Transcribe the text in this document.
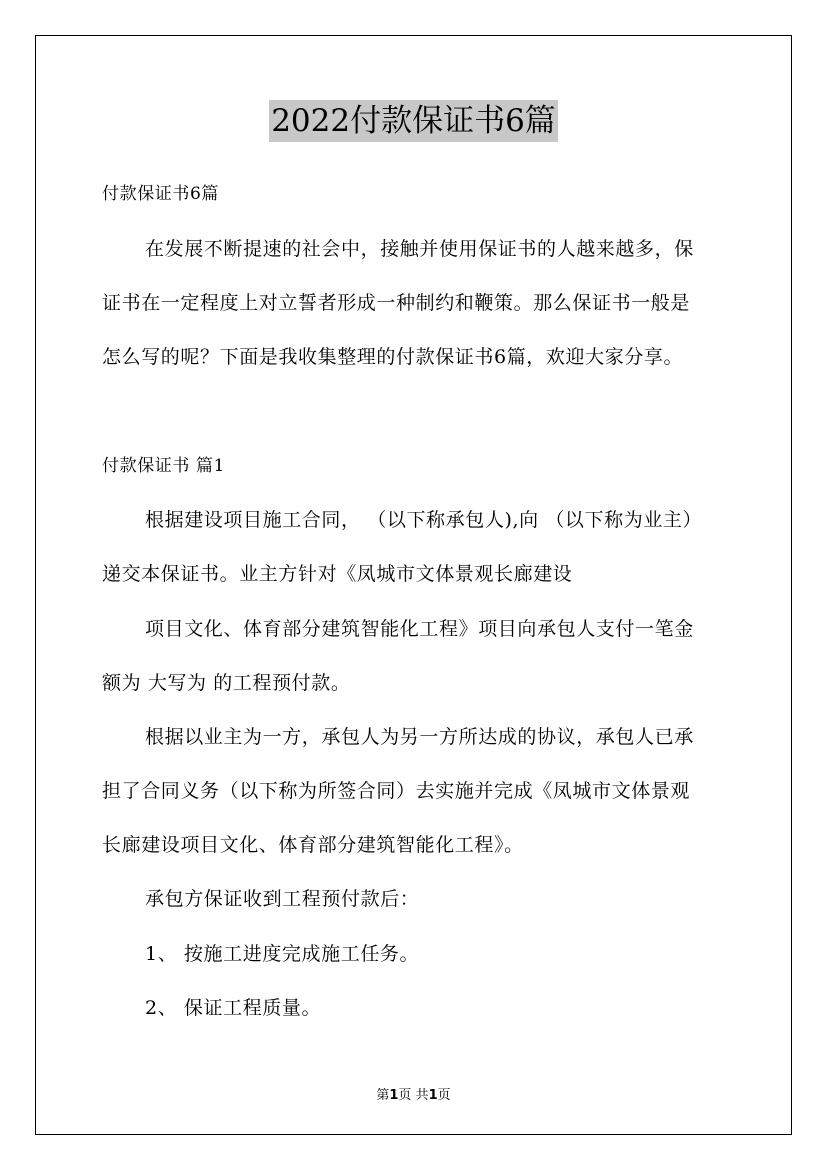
2022付款保证书6篇
付款保证书6篇
在发展不断提速的社会中，接触并使用保证书的人越来越多，保
证书在一定程度上对立誓者形成一种制约和鞭策。那么保证书一般是
怎么写的呢？下面是我收集整理的付款保证书6篇，欢迎大家分享。
付款保证书 篇1
根据建设项目施工合同， （以下称承包人),向 （以下称为业主）
递交本保证书。业主方针对《凤城市文体景观长廊建设
项目文化、体育部分建筑智能化工程》项目向承包人支付一笔金
额为 大写为 的工程预付款。
根据以业主为一方，承包人为另一方所达成的协议，承包人已承
担了合同义务（以下称为所签合同）去实施并完成《凤城市文体景观
长廊建设项目文化、体育部分建筑智能化工程》。
承包方保证收到工程预付款后：
1、 按施工进度完成施工任务。
2、 保证工程质量。
第1页 共1页
